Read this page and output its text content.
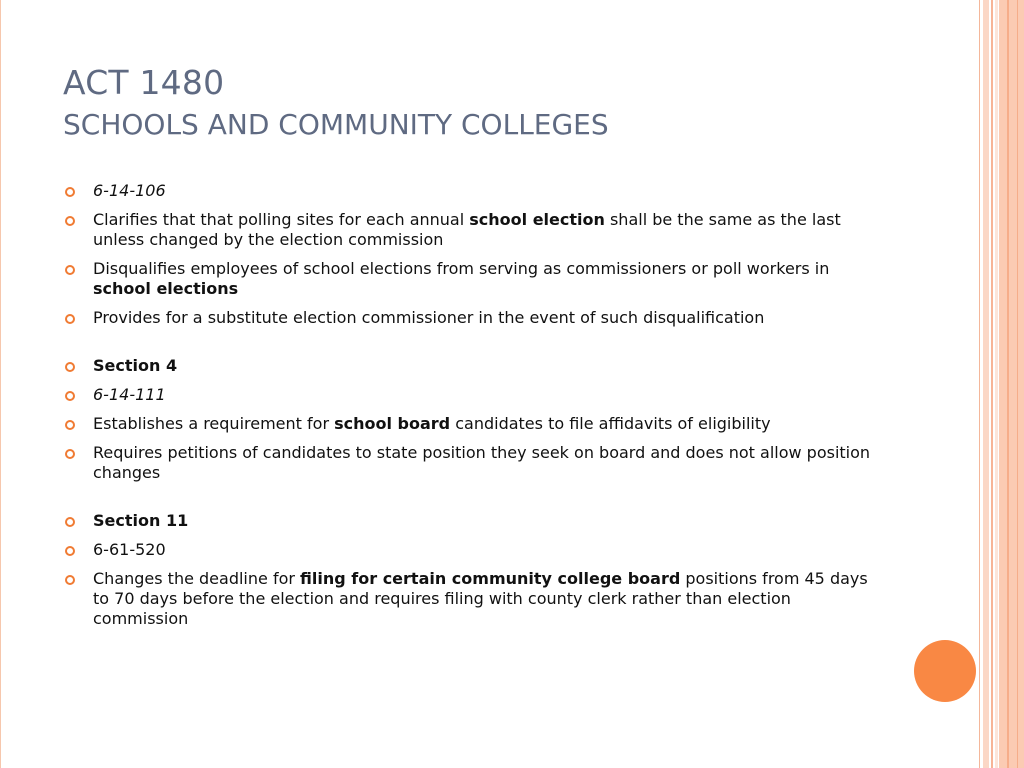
ACT 1480
SCHOOLS AND COMMUNITY COLLEGES
6-14-106
Clarifies that that polling sites for each annual school election shall be the same as the last unless changed by the election commission
Disqualifies employees of school elections from serving as commissioners or poll workers in school elections
Provides for a substitute election commissioner in the event of such disqualification
Section 4
6-14-111
Establishes a requirement for school board candidates to file affidavits of eligibility
Requires petitions of candidates to state position they seek on board and does not allow position changes
Section 11
6-61-520
Changes the deadline for filing for certain community college board positions from 45 days to 70 days before the election and requires filing with county clerk rather than election commission
